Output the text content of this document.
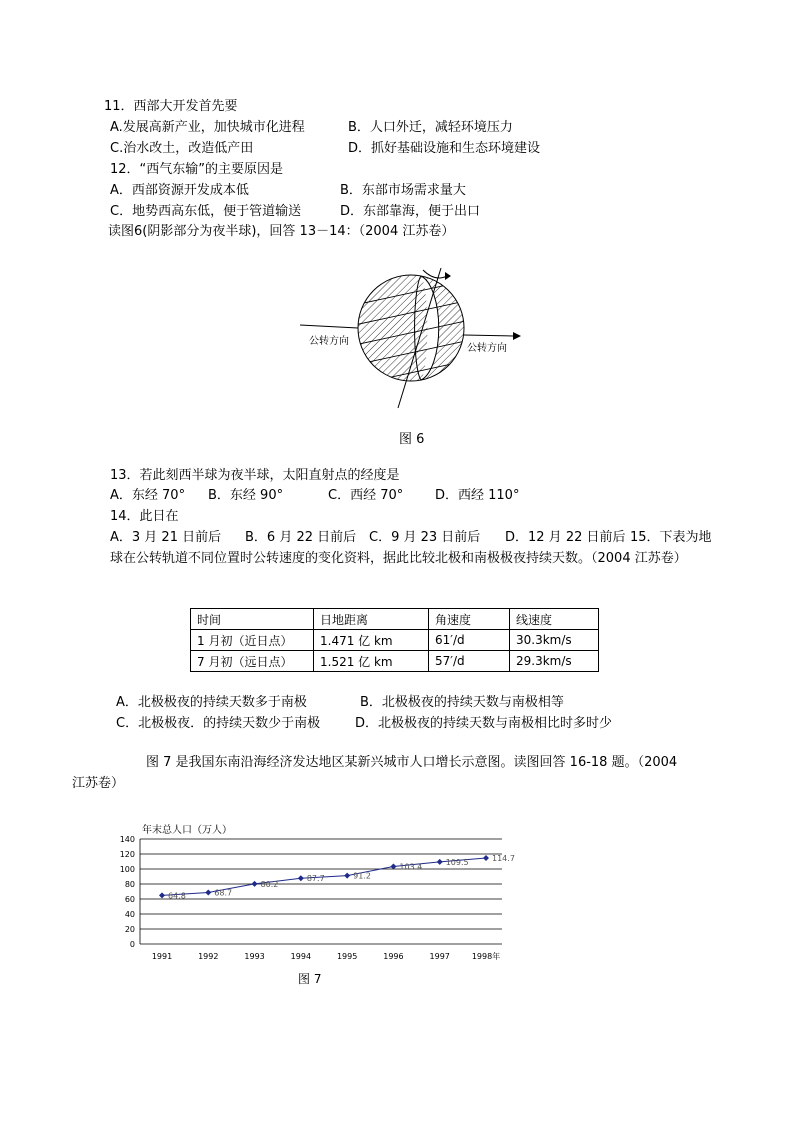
11．西部大开发首先要
A.发展高新产业，加快城市化进程	B．人口外迁，减轻环境压力
C.治水改土，改造低产田	D．抓好基础设施和生态环境建设
12．“西气东输”的主要原因是
A．西部资源开发成本低	B．东部市场需求量大
C．地势西高东低，便于管道输送	D．东部靠海，便于出口
读图6(阴影部分为夜半球)，回答 13－14：（2004 江苏卷）
公转方向
公转方向
图 6
13．若此刻西半球为夜半球，太阳直射点的经度是
A．东经 70° B．东经 90°	C．西经 70° D．西经 110°
14．此日在
A．3 月 21 日前后 B．6 月 22 日前后 C．9 月 23 日前后 D．12 月 22 日前后 15．下表为地
球在公转轨道不同位置时公转速度的变化资料，据此比较北极和南极极夜持续天数。（2004 江苏卷）
时间	日地距离	角速度	线速度
1 月初（近日点）	1.471 亿 km	61′/d	30.3km/s
7 月初（远日点）	1.521 亿 km	57′/d	29.3km/s
A．北极极夜的持续天数多于南极	B．北极极夜的持续天数与南极相等
C．北极极夜．的持续天数少于南极	D．北极极夜的持续天数与南极相比时多时少
图 7 是我国东南沿海经济发达地区某新兴城市人口增长示意图。读图回答 16-18 题。（2004
江苏卷）
年末总人口（万人）
0
20
40
60
80
100
120
140
1991	1992	1993	1994	1995	1996	1997	1998年
64.8	68.7
80.2
87.7	91.2
103.4
109.5	114.7
图 7
